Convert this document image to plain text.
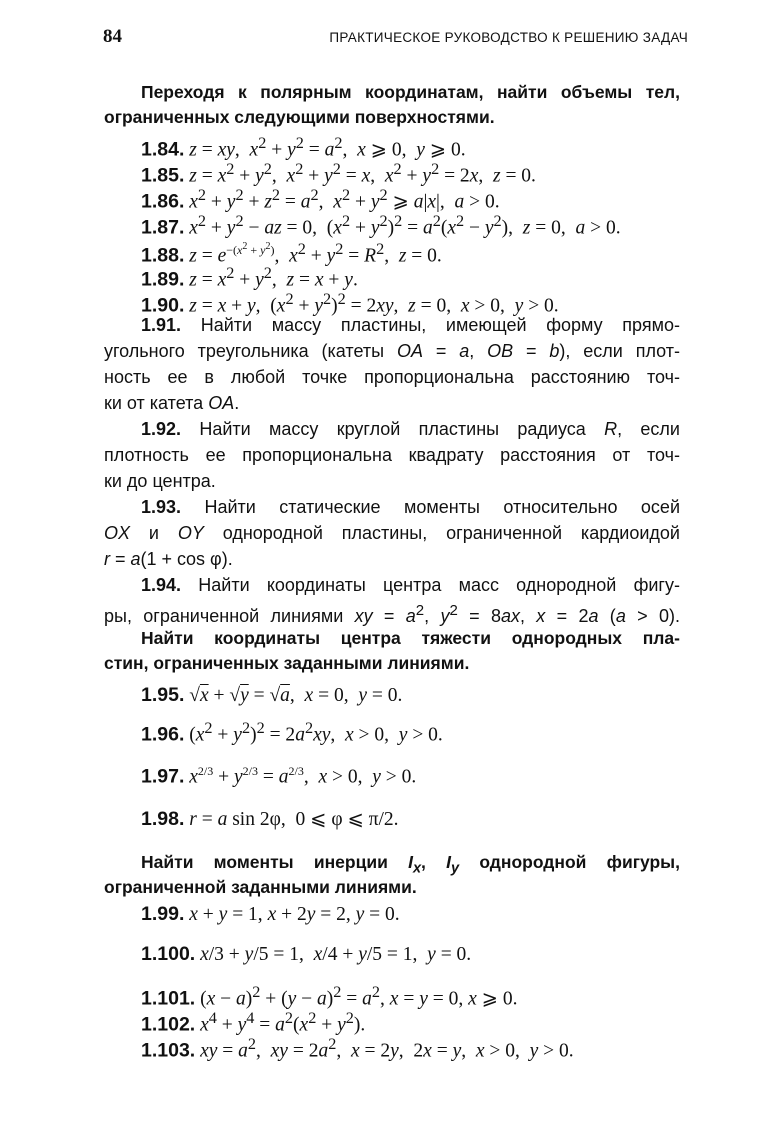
84	ПРАКТИЧЕСКОЕ РУКОВОДСТВО К РЕШЕНИЮ ЗАДАЧ
Переходя к полярным координатам, найти объемы тел,
ограниченных следующими поверхностями.
1.84. z = xy,  $x^2 + y^2 = a^2$,  x ⩾ 0,  y ⩾ 0.
1.85. $z = x^2 + y^2$,  $x^2 + y^2 = x$,  $x^2 + y^2 = 2x$,  z = 0.
1.86. $x^2 + y^2 + z^2 = a^2$,  $x^2 + y^2$ ⩾ a|x|,  a > 0.
1.87. $x^2 + y^2$ − az = 0,  $(x^2 + y^2)^2 = a^2(x^2 - y^2)$,  z = 0,  a > 0.
1.88. $z = e^{-(x^2 + y^2)}$,  $x^2 + y^2 = R^2$,  z = 0.
1.89. $z = x^2 + y^2$,  z = x + y.
1.90. z = x + y,  $(x^2 + y^2)^2 = 2xy$,  z = 0,  x > 0,  y > 0.
1.91. Найти массу пластины, имеющей форму прямо-
угольного треугольника (катеты OA = a, OB = b), если плот-
ность ее в любой точке пропорциональна расстоянию точ-
ки от катета OA.
1.92. Найти массу круглой пластины радиуса R, если
плотность ее пропорциональна квадрату расстояния от точ-
ки до центра.
1.93. Найти статические моменты относительно осей
OX и OY однородной пластины, ограниченной кардиоидой
r = a(1 + cos φ).
1.94. Найти координаты центра масс однородной фигу-
ры, ограниченной линиями xy = $a^2$, $y^2 = 8ax$, x = 2a (a > 0).
Найти координаты центра тяжести однородных пла-
стин, ограниченных заданными линиями.
1.95. √x + √y = √a,  x = 0,  y = 0.
1.96. $(x^2 + y^2)^2 = 2a^2xy$,  x > 0,  y > 0.
1.97. $x^{2/3} + y^{2/3} = a^{2/3}$,  x > 0,  y > 0.
1.98. r = a sin 2φ,  0 ⩽ φ ⩽ π/2.
Найти моменты инерции $I_x$, $I_y$ однородной фигуры,
ограниченной заданными линиями.
1.99. x + y = 1, x + 2y = 2, y = 0.
1.100. x/3 + y/5 = 1,  x/4 + y/5 = 1,  y = 0.
1.101. $(x - a)^2 + (y - a)^2 = a^2$, x = y = 0, x ⩾ 0.
1.102. $x^4 + y^4 = a^2(x^2 + y^2)$.
1.103. xy = $a^2$,  xy = $2a^2$,  x = 2y,  2x = y,  x > 0,  y > 0.
